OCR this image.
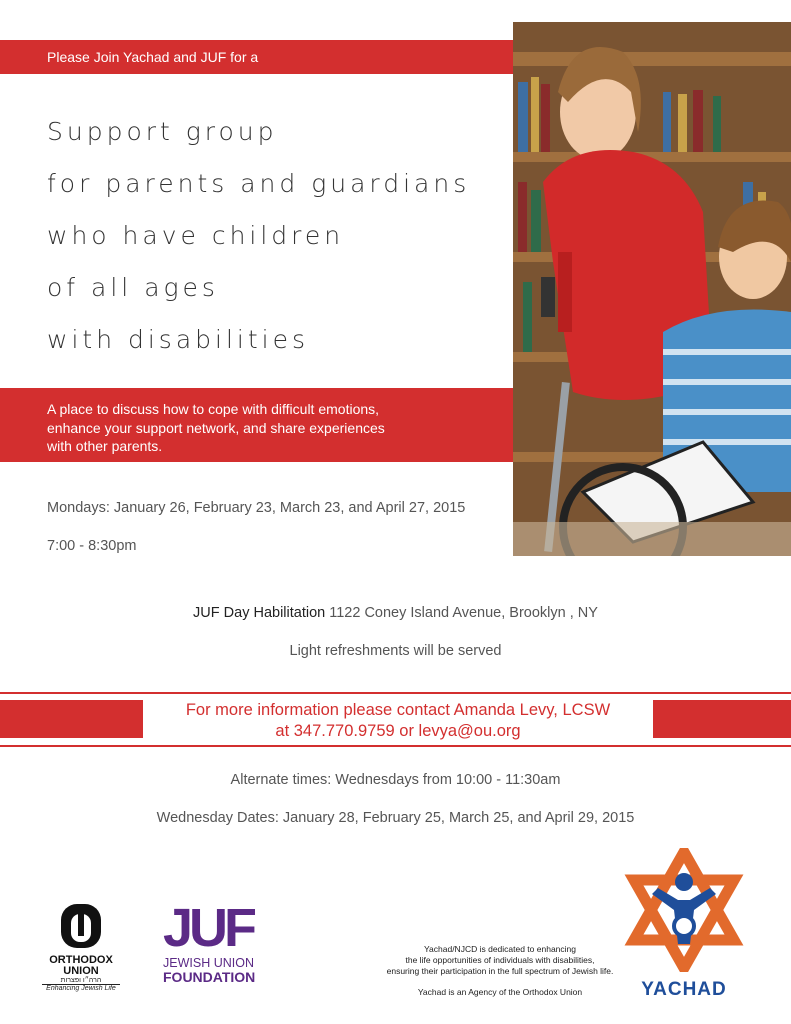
Please Join Yachad and JUF for a
Support group
for parents and guardians
who have children
of all ages
with disabilities
A place to discuss how to cope with difficult emotions,
enhance your support network, and share experiences
with other parents.
Mondays: January 26, February 23, March 23, and April 27, 2015
7:00 - 8:30pm
JUF Day Habilitation 1122 Coney Island Avenue, Brooklyn , NY
Light refreshments will be served
For more information please contact Amanda Levy, LCSW
at 347.770.9759 or levya@ou.org
Alternate times: Wednesdays from 10:00 - 11:30am
Wednesday Dates: January 28, February 25, March 25, and April 29, 2015
ORTHODOX
UNION
הרה״ו ופצרות
Enhancing Jewish Life
JUF
JEWISH UNION
FOUNDATION
Yachad/NJCD is dedicated to enhancing
the life opportunities of individuals with disabilities,
ensuring their participation in the full spectrum of Jewish life.
Yachad is an Agency of the Orthodox Union	YACHAD
